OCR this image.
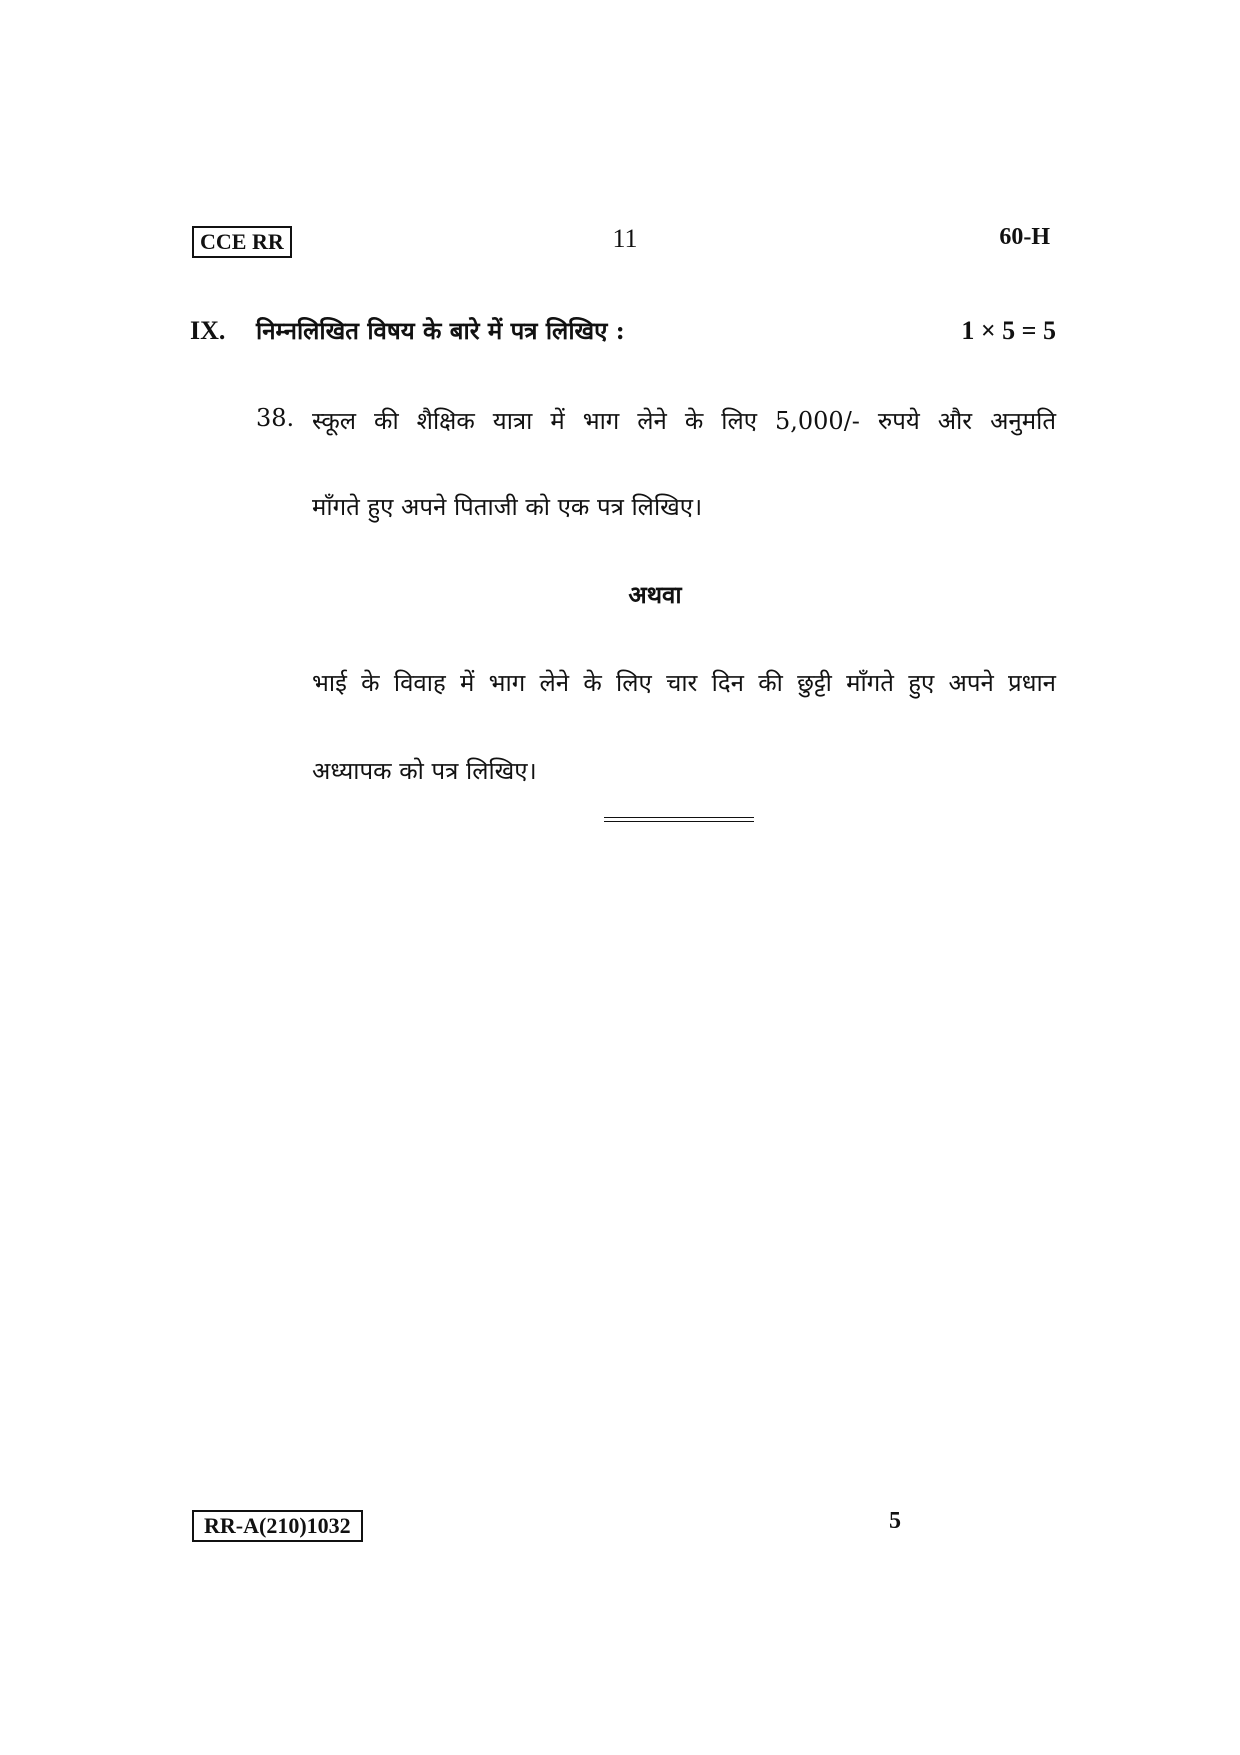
CCE RR	11	60-H
IX. निम्नलिखित विषय के बारे में पत्र लिखिए :	1 × 5 = 5
38. स्कूल की शैक्षिक यात्रा में भाग लेने के लिए 5,000/- रुपये और अनुमति
माँगते हुए अपने पिताजी को एक पत्र लिखिए।
अथवा
भाई के विवाह में भाग लेने के लिए चार दिन की छुट्टी माँगते हुए अपने प्रधान
अध्यापक को पत्र लिखिए।
RR-A(210)1032	5
